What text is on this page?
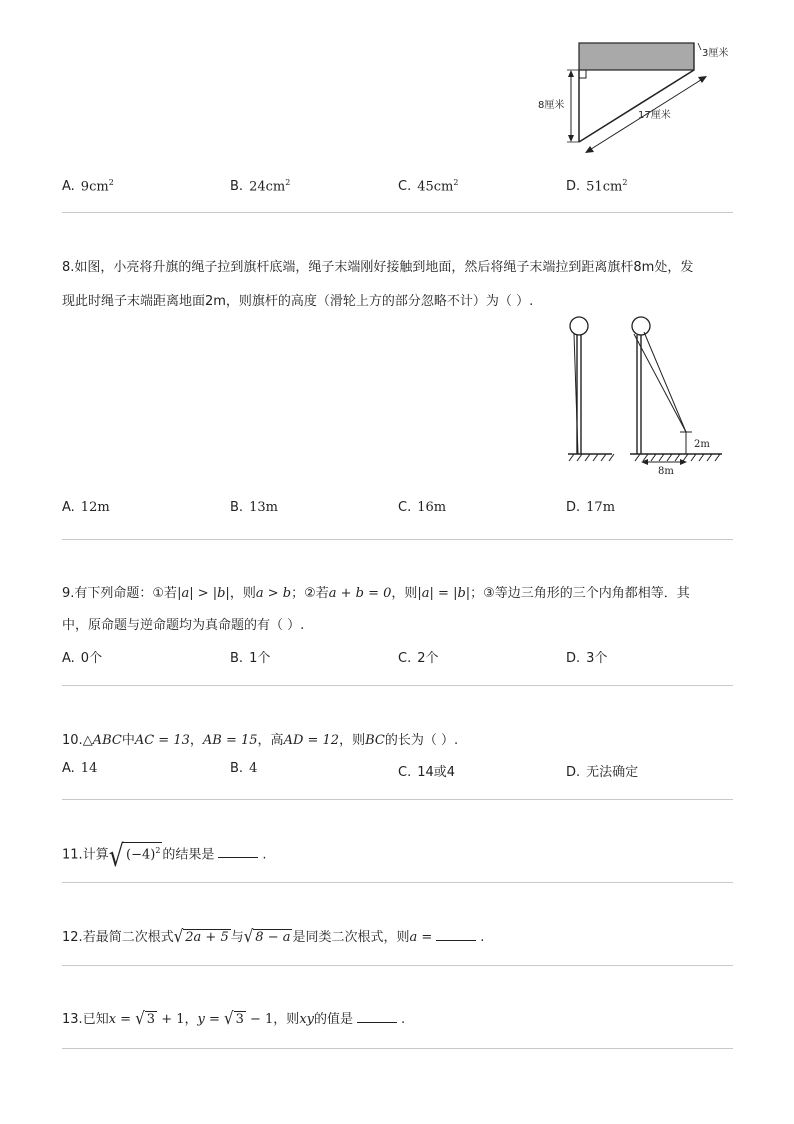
3厘米
8厘米
17厘米
A. $9cm^2$	B. $24cm^2$	C. $45cm^2$	D. $51cm^2$
8.如图，小亮将升旗的绳子拉到旗杆底端，绳子末端刚好接触到地面，然后将绳子末端拉到距离旗杆8m处，发
现此时绳子末端距离地面2m，则旗杆的高度（滑轮上方的部分忽略不计）为（ ）.
2m
8m
A. 12m	B. 13m	C. 16m	D. 17m
9.有下列命题：①若|a| > |b|，则a > b；②若a + b = 0，则|a| = |b|；③等边三角形的三个内角都相等．其
中，原命题与逆命题均为真命题的有（ ）.
A. 0个	B. 1个	C. 2个	D. 3个
10.△ABC中AC = 13，AB = 15，高AD = 12，则BC的长为（ ）.
A. 14	B. 4	C. 14或4	D. 无法确定
11.计算√ $(-4)^2$ 的结果是	.
12.若最简二次根式√ 2a + 5 与√ 8 − a 是同类二次根式，则a =	.
13.已知x = √ 3 + 1，y = √ 3 − 1，则xy的值是	.
